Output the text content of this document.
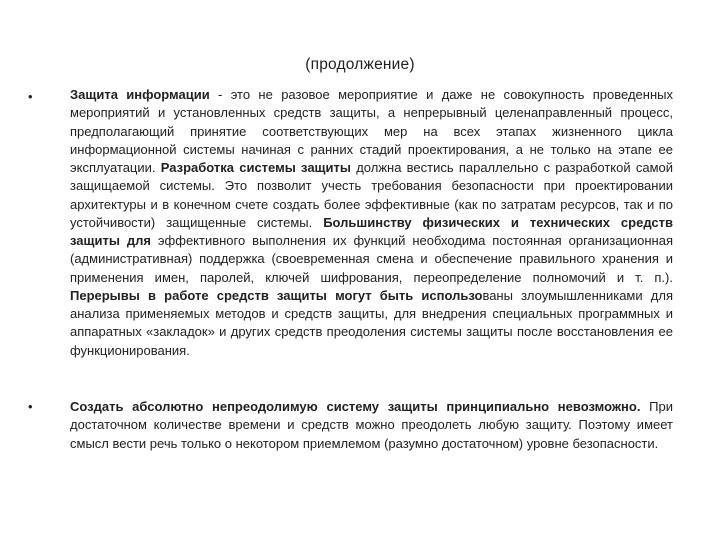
(продолжение)
•	Защита информации - это не разовое мероприятие и даже не совокупность проведенных мероприятий и установленных средств защиты, а непрерывный целенаправленный процесс, предполагающий принятие соответствующих мер на всех этапах жизненного цикла информационной системы начиная с ранних стадий проектирования, а не только на этапе ее эксплуатации. Разработка системы защиты должна вестись параллельно с разработкой самой защищаемой системы. Это позволит учесть требования безопасности при проектировании архитектуры и в конечном счете создать более эффективные (как по затратам ресурсов, так и по устойчивости) защищенные системы. Большинству физических и технических средств защиты для эффективного выполнения их функций необходима постоянная организационная (административная) поддержка (своевременная смена и обеспечение правильного хранения и применения имен, паролей, ключей шифрования, переопределение полномочий и т. п.). Перерывы в работе средств защиты могут быть использованы злоумышленниками для анализа применяемых методов и средств защиты, для внедрения специальных программных и аппаратных «закладок» и других средств преодоления системы защиты после восстановления ее функционирования.
•	Создать абсолютно непреодолимую систему защиты принципиально невозможно. При достаточном количестве времени и средств можно преодолеть любую защиту. Поэтому имеет смысл вести речь только о некотором приемлемом (разумно достаточном) уровне безопасности.
